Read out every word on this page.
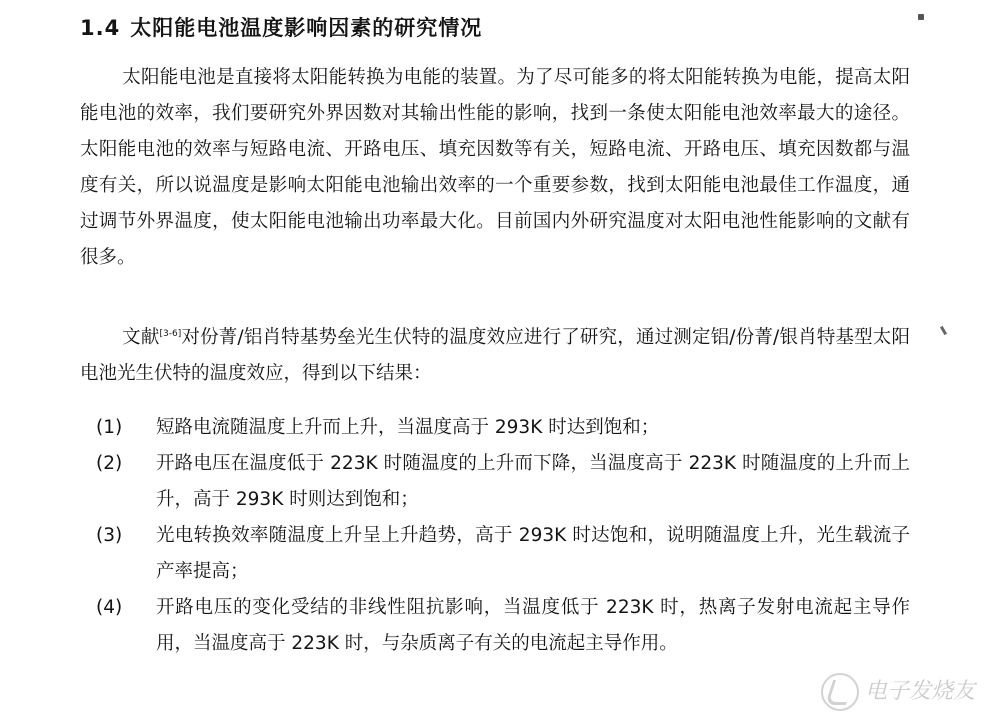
1.4 太阳能电池温度影响因素的研究情况
太阳能电池是直接将太阳能转换为电能的装置。为了尽可能多的将太阳能转换为电能，提高太阳能电池的效率，我们要研究外界因数对其输出性能的影响，找到一条使太阳能电池效率最大的途径。太阳能电池的效率与短路电流、开路电压、填充因数等有关，短路电流、开路电压、填充因数都与温度有关，所以说温度是影响太阳能电池输出效率的一个重要参数，找到太阳能电池最佳工作温度，通过调节外界温度，使太阳能电池输出功率最大化。目前国内外研究温度对太阳电池性能影响的文献有很多。
文献[3-6]对份菁/铝肖特基势垒光生伏特的温度效应进行了研究，通过测定铝/份菁/银肖特基型太阳电池光生伏特的温度效应，得到以下结果：
(1) 短路电流随温度上升而上升，当温度高于 293K 时达到饱和；
(2) 开路电压在温度低于 223K 时随温度的上升而下降，当温度高于 223K 时随温度的上升而上升，高于 293K 时则达到饱和；
(3) 光电转换效率随温度上升呈上升趋势，高于 293K 时达饱和，说明随温度上升，光生载流子产率提高；
(4) 开路电压的变化受结的非线性阻抗影响，当温度低于 223K 时，热离子发射电流起主导作用，当温度高于 223K 时，与杂质离子有关的电流起主导作用。
电子发烧友
